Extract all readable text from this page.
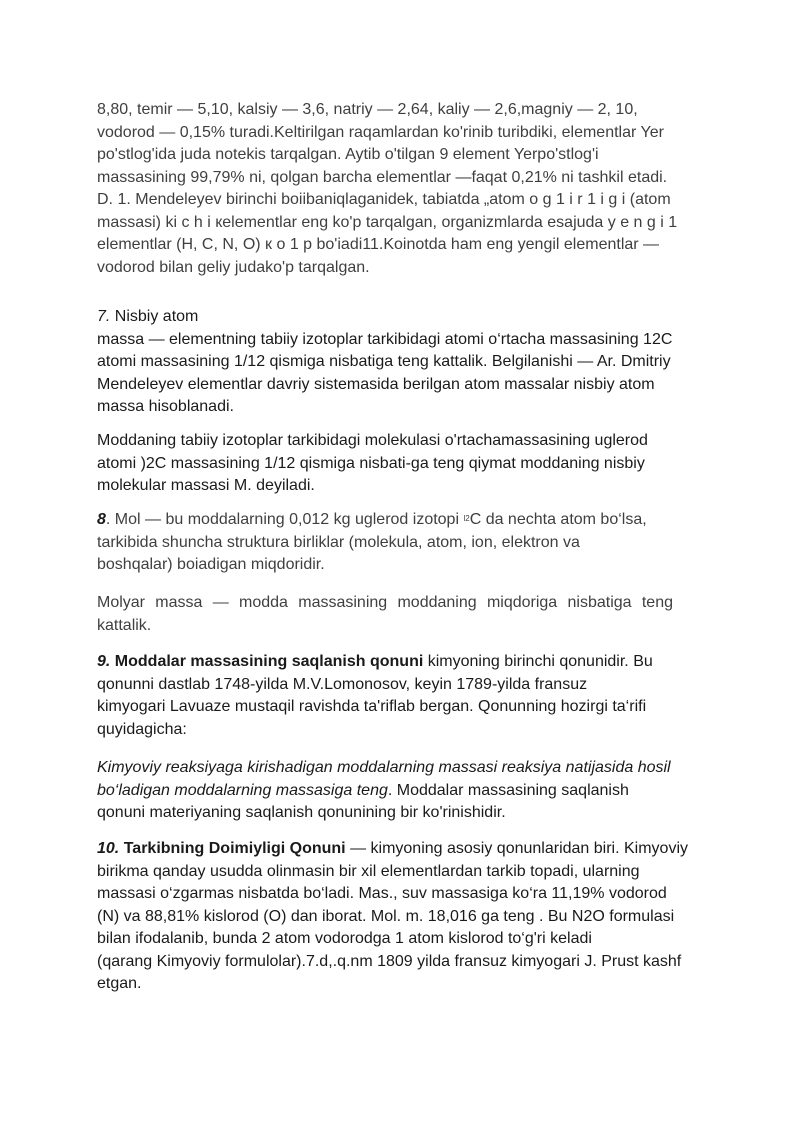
8,80, temir — 5,10, kalsiy — 3,6, natriy — 2,64, kaliy — 2,6,magniy — 2, 10,

vodorod — 0,15% turadi.Keltirilgan raqamlardan ko'rinib turibdiki, elementlar Yer

po'stlog'ida juda notekis tarqalgan. Aytib o'tilgan 9 element Yerpo'stlog'i

massasining 99,79% ni, qolgan barcha elementlar —faqat 0,21% ni tashkil etadi.

D. 1. Mendeleyev birinchi boiibaniqlaganidek, tabiatda „atom o g 1 i r 1 i g i (atom

massasi) ki c h i кelementlar eng ko'p tarqalgan, organizmlarda esajuda y e n g i 1

elementlar (H, C, N, O) к o 1 p bo'iadi11.Koinotda ham eng yengil elementlar —

vodorod bilan geliy judako'p tarqalgan.

7. Nisbiy atom

massa — elementning tabiiy izotoplar tarkibidagi atomi o‘rtacha massasining 12C

atomi massasining 1/12 qismiga nisbatiga teng kattalik. Belgilanishi — Ar. Dmitriy

Mendeleyev elementlar davriy sistemasida berilgan atom massalar nisbiy atom

massa hisoblanadi.

Moddaning tabiiy izotoplar tarkibidagi molekulasi o'rtachamassasining uglerod

atomi )2C massasining 1/12 qismiga nisbati-ga teng qiymat moddaning nisbiy

molekular massasi M. deyiladi.

8. Mol — bu moddalarning 0,012 kg uglerod izotopi $^{l2}$C da nechta atom bo‘lsa,

tarkibida shuncha struktura birliklar (molekula, atom, ion, elektron va

boshqalar) boiadigan miqdoridir.

Molyar massa — modda massasining moddaning miqdoriga nisbatiga teng

kattalik.

9. Moddalar massasining saqlanish qonuni kimyoning birinchi qonunidir. Bu

qonunni dastlab 1748-yilda M.V.Lomonosov, keyin 1789-yilda fransuz

kimyogari Lavuaze mustaqil ravishda ta'riflab bergan. Qonunning hozirgi ta‘rifi

quyidagicha:

Kimyoviy reaksiyaga kirishadigan moddalarning massasi reaksiya natijasida hosil

bo‘ladigan moddalarning massasiga teng. Moddalar massasining saqlanish

qonuni materiyaning saqlanish qonunining bir ko'rinishidir.

10. Tarkibning Doimiyligi Qonuni — kimyoning asosiy qonunlaridan biri. Kimyoviy

birikma qanday usudda olinmasin bir xil elementlardan tarkib topadi, ularning

massasi o‘zgarmas nisbatda bo‘ladi. Mas., suv massasiga ko‘ra 11,19% vodorod

(N) va 88,81% kislorod (O) dan iborat. Mol. m. 18,016 ga teng . Bu N2O formulasi

bilan ifodalanib, bunda 2 atom vodorodga 1 atom kislorod to‘g'ri keladi

(qarang Kimyoviy formulolar).7.d,.q.nm 1809 yilda fransuz kimyogari J. Prust kashf

etgan.
